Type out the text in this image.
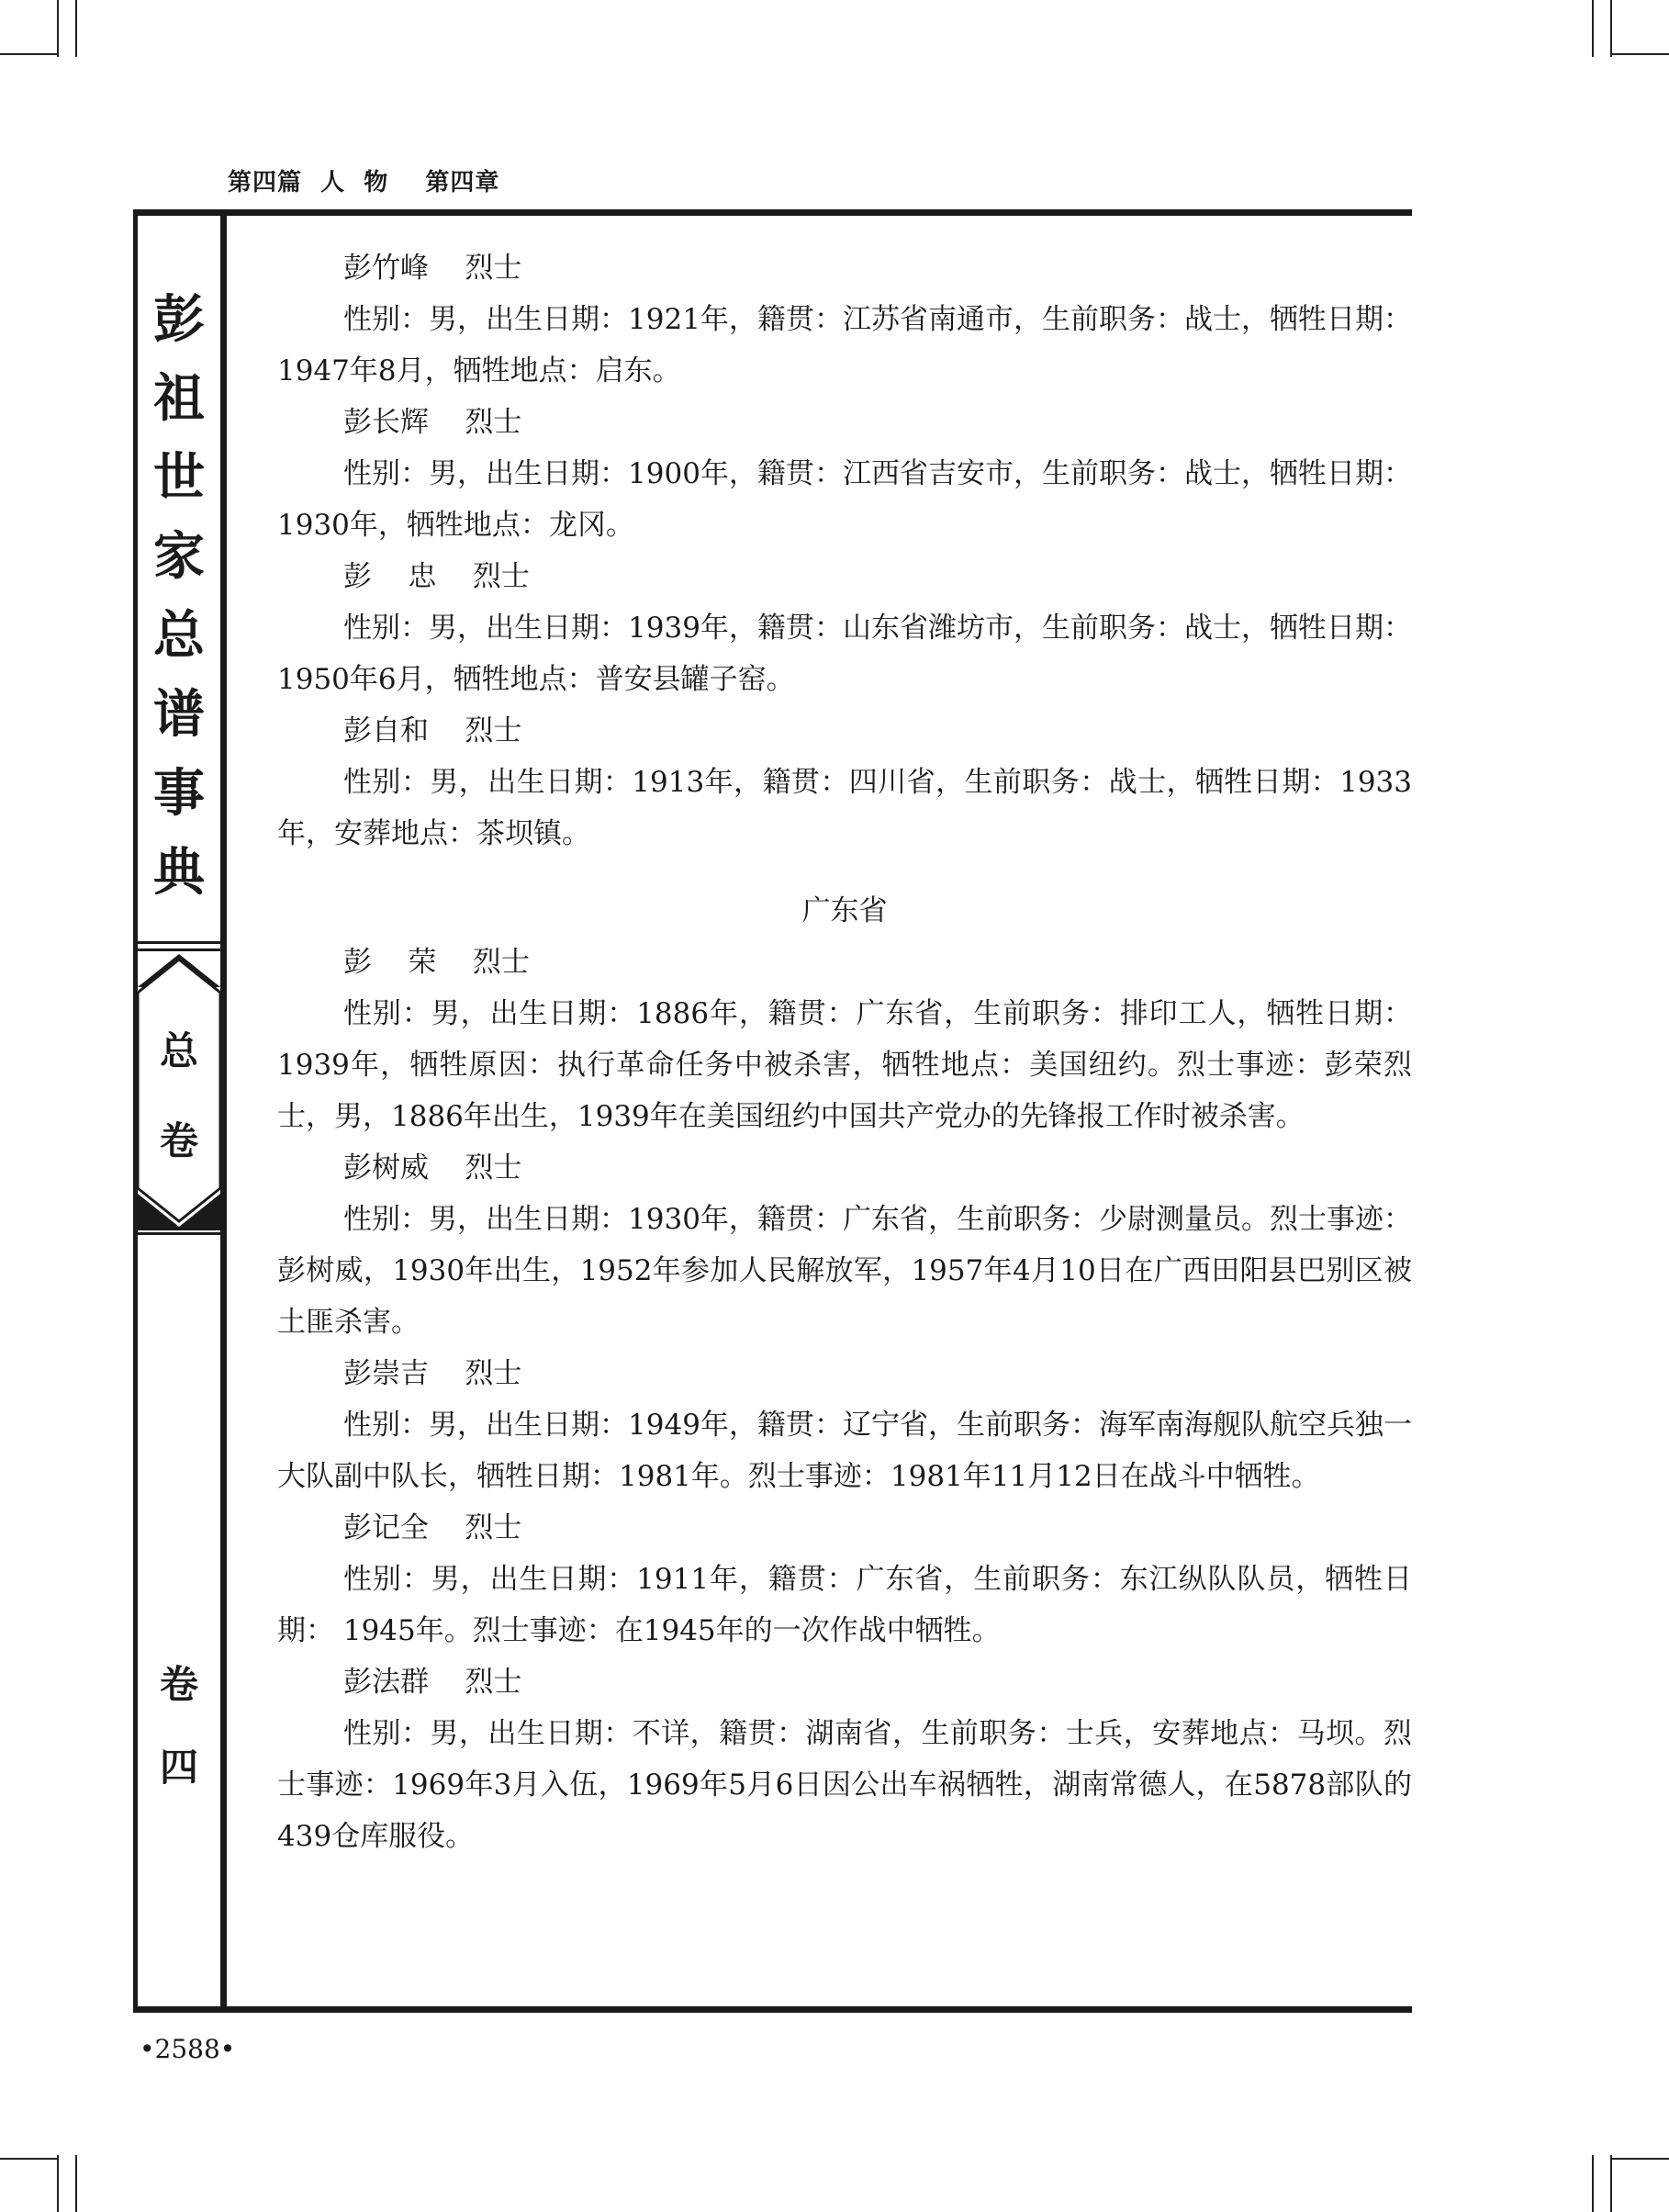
第四篇  人  物    第四章
彭
祖
世
家
总
谱
事
典
总
卷
卷
四
彭竹峰    烈士
性别：男，出生日期：1921年，籍贯：江苏省南通市，生前职务：战士，牺牲日期：1947年8月，牺牲地点：启东。
彭长辉    烈士
性别：男，出生日期：1900年，籍贯：江西省吉安市，生前职务：战士，牺牲日期：1930年，牺牲地点：龙冈。
彭    忠    烈士
性别：男，出生日期：1939年，籍贯：山东省潍坊市，生前职务：战士，牺牲日期：1950年6月，牺牲地点：普安县罐子窑。
彭自和    烈士
性别：男，出生日期：1913年，籍贯：四川省，生前职务：战士，牺牲日期：1933年，安葬地点：茶坝镇。
广东省
彭    荣    烈士
性别：男，出生日期：1886年，籍贯：广东省，生前职务：排印工人，牺牲日期：1939年，牺牲原因：执行革命任务中被杀害，牺牲地点：美国纽约。烈士事迹：彭荣烈士，男，1886年出生，1939年在美国纽约中国共产党办的先锋报工作时被杀害。
彭树威    烈士
性别：男，出生日期：1930年，籍贯：广东省，生前职务：少尉测量员。烈士事迹：彭树威，1930年出生，1952年参加人民解放军，1957年4月10日在广西田阳县巴别区被土匪杀害。
彭崇吉    烈士
性别：男，出生日期：1949年，籍贯：辽宁省，生前职务：海军南海舰队航空兵独一大队副中队长，牺牲日期：1981年。烈士事迹：1981年11月12日在战斗中牺牲。
彭记全    烈士
性别：男，出生日期：1911年，籍贯：广东省，生前职务：东江纵队队员，牺牲日期： 1945年。烈士事迹：在1945年的一次作战中牺牲。
彭法群    烈士
性别：男，出生日期：不详，籍贯：湖南省，生前职务：士兵，安葬地点：马坝。烈士事迹：1969年3月入伍，1969年5月6日因公出车祸牺牲，湖南常德人，在5878部队的439仓库服役。
•2588•
